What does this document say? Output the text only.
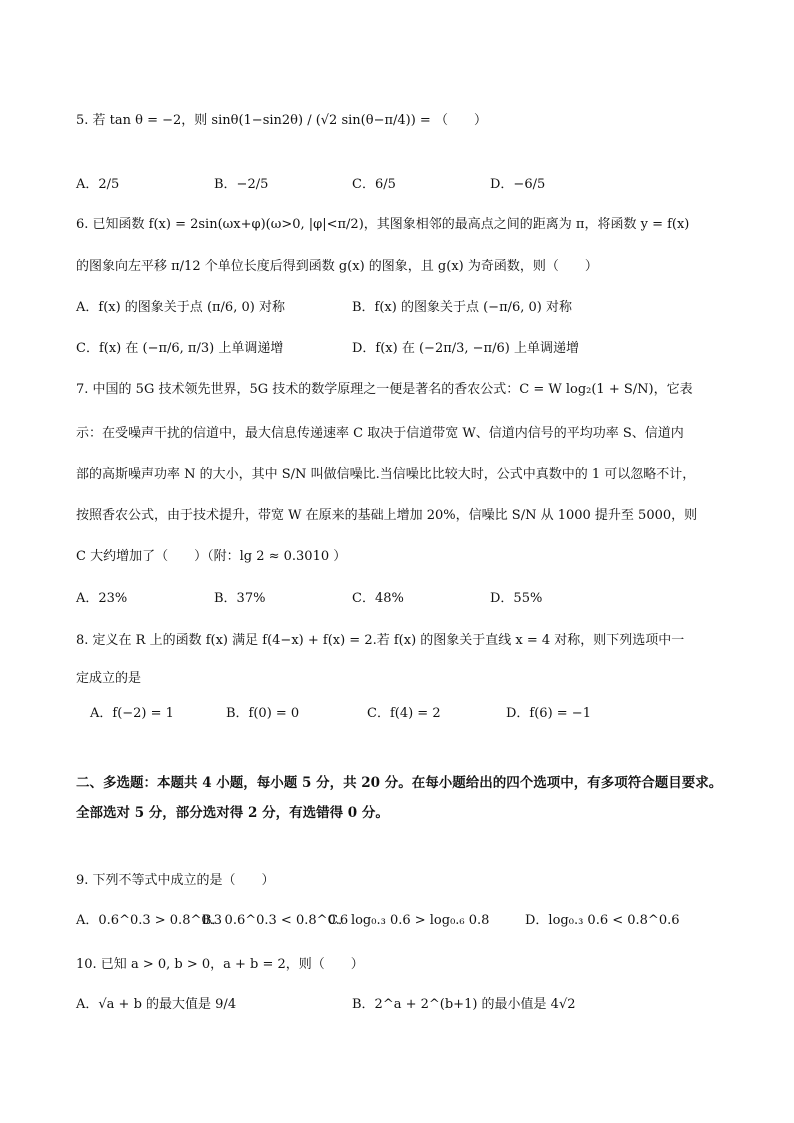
5. 若 tan θ = −2，则 sinθ(1−sin2θ) / (√2 sin(θ−π/4)) = （　　）
A．2/5	B．−2/5	C．6/5	D．−6/5
6. 已知函数 f(x) = 2sin(ωx+φ)(ω>0, |φ|<π/2)，其图象相邻的最高点之间的距离为 π，将函数 y = f(x)
的图象向左平移 π/12 个单位长度后得到函数 g(x) 的图象，且 g(x) 为奇函数，则（　　）
A．f(x) 的图象关于点 (π/6, 0) 对称	B．f(x) 的图象关于点 (−π/6, 0) 对称
C．f(x) 在 (−π/6, π/3) 上单调递增	D．f(x) 在 (−2π/3, −π/6) 上单调递增
7. 中国的 5G 技术领先世界，5G 技术的数学原理之一便是著名的香农公式：C = W log₂(1 + S/N)，它表
示：在受噪声干扰的信道中，最大信息传递速率 C 取决于信道带宽 W、信道内信号的平均功率 S、信道内
部的高斯噪声功率 N 的大小，其中 S/N 叫做信噪比.当信噪比比较大时，公式中真数中的 1 可以忽略不计，
按照香农公式，由于技术提升，带宽 W 在原来的基础上增加 20%，信噪比 S/N 从 1000 提升至 5000，则
C 大约增加了（　　）（附：lg 2 ≈ 0.3010 ）
A．23%	B．37%	C．48%	D．55%
8. 定义在 R 上的函数 f(x) 满足 f(4−x) + f(x) = 2.若 f(x) 的图象关于直线 x = 4 对称，则下列选项中一
定成立的是
A．f(−2) = 1	B．f(0) = 0	C．f(4) = 2	D．f(6) = −1
二、多选题：本题共 4 小题，每小题 5 分，共 20 分。在每小题给出的四个选项中，有多项符合题目要求。
全部选对 5 分，部分选对得 2 分，有选错得 0 分。
9. 下列不等式中成立的是（　　）
A．0.6^0.3 > 0.8^0.3
B．0.6^0.3 < 0.8^0.6
C．log₀.₃ 0.6 > log₀.₆ 0.8	D．log₀.₃ 0.6 < 0.8^0.6
10. 已知 a > 0, b > 0，a + b = 2，则（　　）
A．√a + b 的最大值是 9/4	B．2^a + 2^(b+1) 的最小值是 4√2
